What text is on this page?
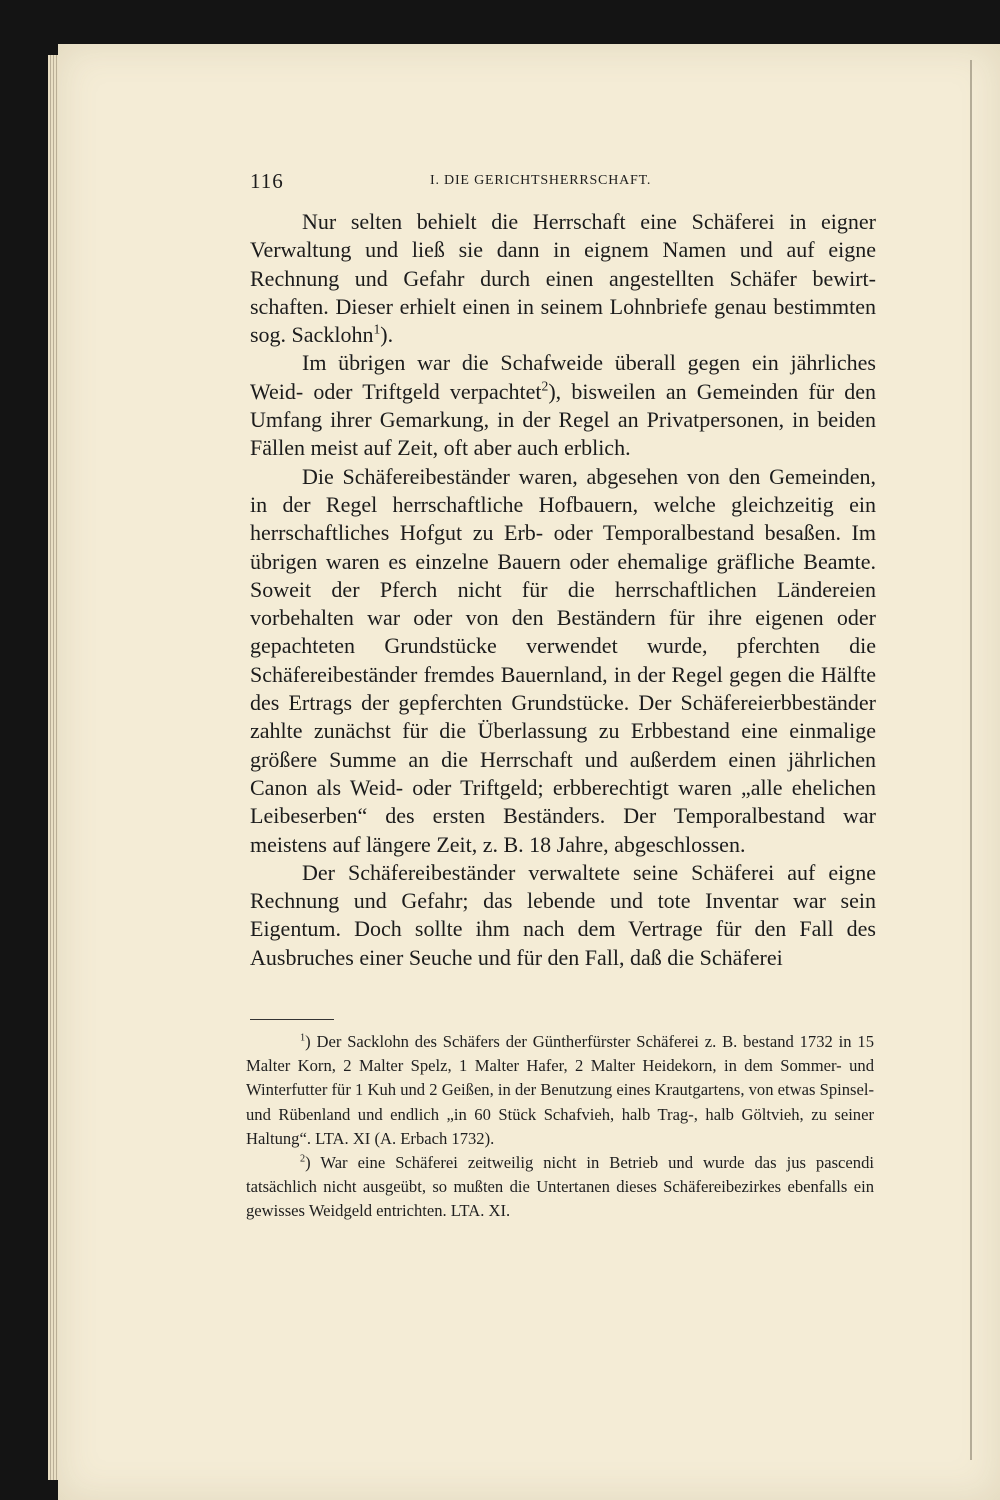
116	I. DIE GERICHTSHERRSCHAFT.

Nur selten behielt die Herrschaft eine Schäferei in eigner Verwaltung und ließ sie dann in eignem Namen und auf eigne Rechnung und Gefahr durch einen angestellten Schäfer bewirtschaften. Dieser erhielt einen in seinem Lohnbriefe genau bestimmten sog. Sacklohn$^1$).

Im übrigen war die Schafweide überall gegen ein jährliches Weid- oder Triftgeld verpachtet$^2$), bisweilen an Gemeinden für den Umfang ihrer Gemarkung, in der Regel an Privatpersonen, in beiden Fällen meist auf Zeit, oft aber auch erblich.

Die Schäfereibeständer waren, abgesehen von den Gemeinden, in der Regel herrschaftliche Hofbauern, welche gleichzeitig ein herrschaftliches Hofgut zu Erb- oder Temporalbestand besaßen. Im übrigen waren es einzelne Bauern oder ehemalige gräfliche Beamte. Soweit der Pferch nicht für die herrschaftlichen Ländereien vorbehalten war oder von den Beständern für ihre eigenen oder gepachteten Grundstücke verwendet wurde, pferchten die Schäfereibeständer fremdes Bauernland, in der Regel gegen die Hälfte des Ertrags der gepferchten Grundstücke. Der Schäfereierbbeständer zahlte zunächst für die Überlassung zu Erbbestand eine einmalige größere Summe an die Herrschaft und außerdem einen jährlichen Canon als Weid- oder Triftgeld; erbberechtigt waren „alle ehelichen Leibeserben“ des ersten Beständers. Der Temporalbestand war meistens auf längere Zeit, z. B. 18 Jahre, abgeschlossen.

Der Schäfereibeständer verwaltete seine Schäferei auf eigne Rechnung und Gefahr; das lebende und tote Inventar war sein Eigentum. Doch sollte ihm nach dem Vertrage für den Fall des Ausbruches einer Seuche und für den Fall, daß die Schäferei

$^1$) Der Sacklohn des Schäfers der Güntherfürster Schäferei z. B. bestand 1732 in 15 Malter Korn, 2 Malter Spelz, 1 Malter Hafer, 2 Malter Heidekorn, in dem Sommer- und Winterfutter für 1 Kuh und 2 Geißen, in der Benutzung eines Krautgartens, von etwas Spinsel- und Rübenland und endlich „in 60 Stück Schafvieh, halb Trag-, halb Göltvieh, zu seiner Haltung“. LTA. XI (A. Erbach 1732).

$^2$) War eine Schäferei zeitweilig nicht in Betrieb und wurde das jus pascendi tatsächlich nicht ausgeübt, so mußten die Untertanen dieses Schäfereibezirkes ebenfalls ein gewisses Weidgeld entrichten. LTA. XI.
